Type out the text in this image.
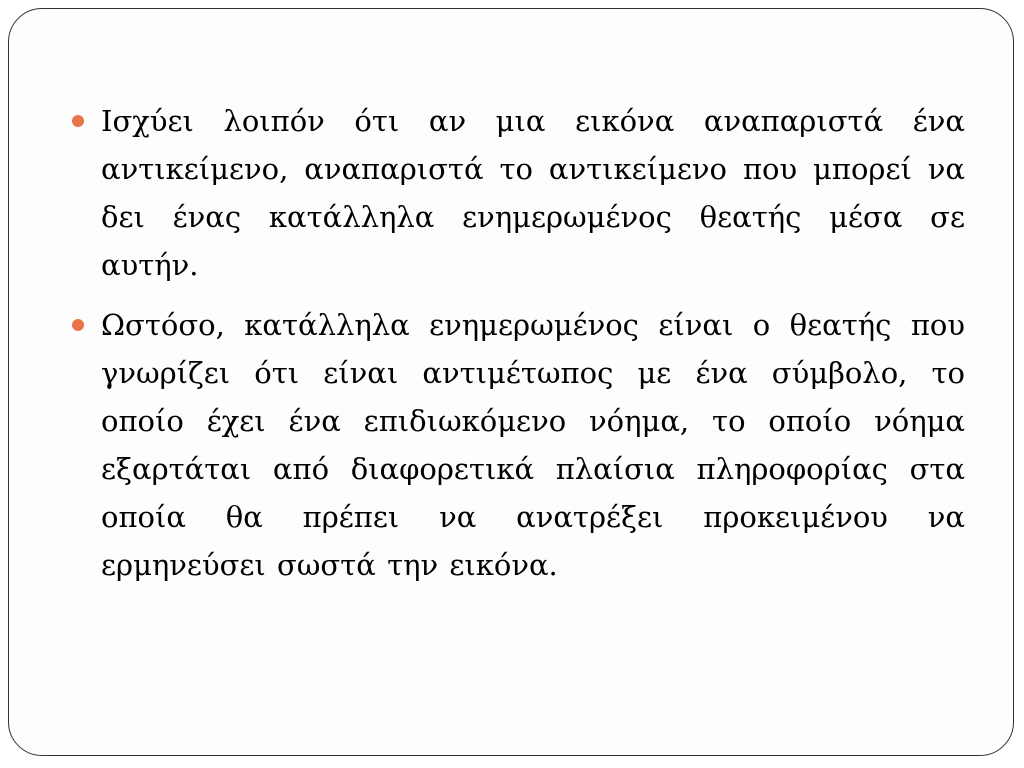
Ισχύει λοιπόν ότι αν μια εικόνα αναπαριστά ένα αντικείμενο, αναπαριστά το αντικείμενο που μπορεί να δει ένας κατάλληλα ενημερωμένος θεατής μέσα σε αυτήν.
Ωστόσο, κατάλληλα ενημερωμένος είναι ο θεατής που γνωρίζει ότι είναι αντιμέτωπος με ένα σύμβολο, το οποίο έχει ένα επιδιωκόμενο νόημα, το οποίο νόημα εξαρτάται από διαφορετικά πλαίσια πληροφορίας στα οποία θα πρέπει να ανατρέξει προκειμένου να ερμηνεύσει σωστά την εικόνα.
